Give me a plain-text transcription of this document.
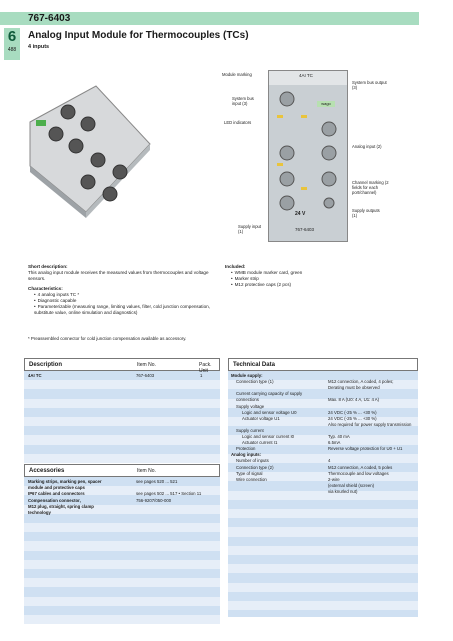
767-6403
6
488
Analog Input Module for Thermocouples (TCs)
4 inputs
4AI TC
wago
24 V
767-6403
Module marking
System bus input (3)
LED indicators
System bus output (3)
Analog input (2)
Channel marking (2 fields for each port/channel)
Supply outputs (1)
Supply input (1)
Short description:
This analog input module receives the measured values from thermocouples and voltage sensors.
Characteristics:
• 4 analog inputs TC *
• Diagnostic capable
• Parameterizable (measuring range, limiting values, filter, cold junction compensation, substitute value, online simulation and diagnostics)
Included:
• WMB module marker card, green
• Marker strip
• M12 protective caps (2 pcs)
* Preassembled connector for cold junction compensation available as accessory.
Description	Item No.	Pack. Unit
4AI TC	767-6403	1
Accessories	Item No.
Marking strips, marking pen, spacer	see pages 520 ... 521
module and protective caps
IP67 cables and connectors	see pages 502 ... 517 • Section 11
Compensation connector,	756-9207/050-000
M12 plug, straight, spring clamp
technology
Technical Data
Module supply:
Connection type (1)	M12 connection, A coded, 4 poles;
Derating must be observed
Current carrying capacity of supply
connections	Max. 8 A (U0: 4 A, U1: 4 A)
Supply voltage
Logic and sensor voltage U0	24 VDC (-25 % ... +30 %)
Actuator voltage U1	24 VDC (-25 % ... +30 %)
Also required for power supply transmission
Supply current
Logic and sensor current I0	Typ. 40 mA
Actuator current I1	6.5mA
Protection	Reverse voltage protection for U0 + U1
Analog inputs:
Number of inputs	4
Connection type (2)	M12 connection, A coded, 5 poles
Type of signal	Thermocouple and low voltages
Wire connection	2-wire
(external shield (screen)
via knurled nut)
